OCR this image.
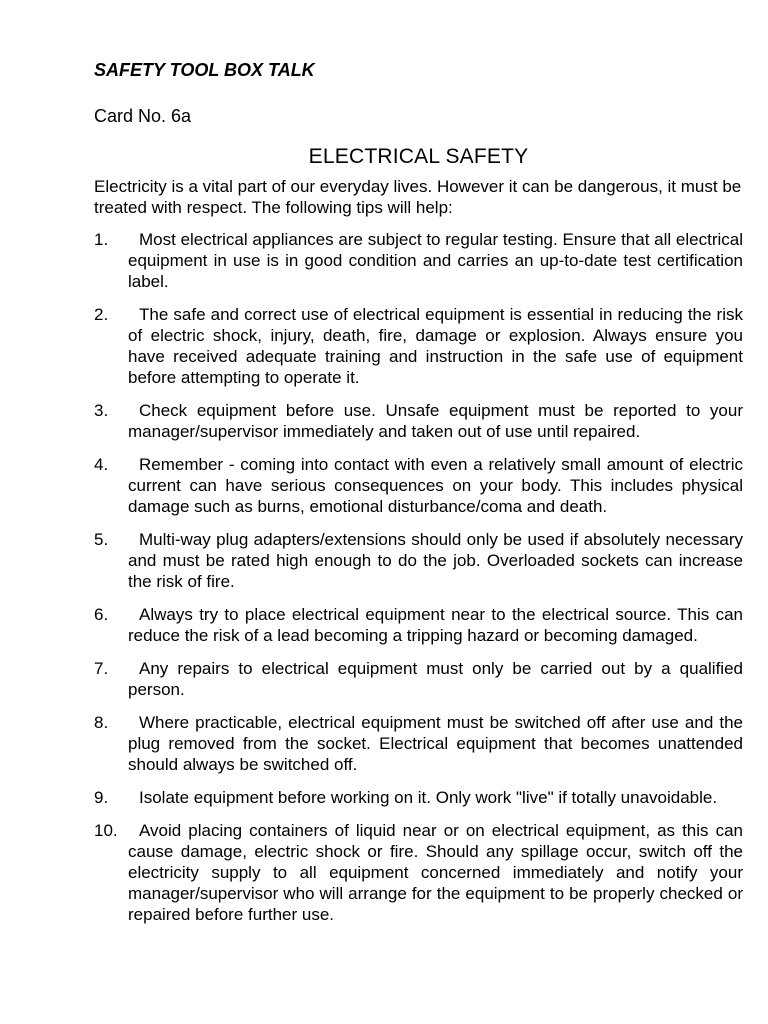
SAFETY TOOL BOX TALK
Card No. 6a
ELECTRICAL SAFETY
Electricity is a vital part of our everyday lives. However it can be dangerous, it must be treated with respect. The following tips will help:
1.	Most electrical appliances are subject to regular testing. Ensure that all electrical equipment in use is in good condition and carries an up-to-date test certification label.
2.	The safe and correct use of electrical equipment is essential in reducing the risk of electric shock, injury, death, fire, damage or explosion. Always ensure you have received adequate training and instruction in the safe use of equipment before attempting to operate it.
3.	Check equipment before use. Unsafe equipment must be reported to your manager/supervisor immediately and taken out of use until repaired.
4.	Remember - coming into contact with even a relatively small amount of electric current can have serious consequences on your body. This includes physical damage such as burns, emotional disturbance/coma and death.
5.	Multi-way plug adapters/extensions should only be used if absolutely necessary and must be rated high enough to do the job. Overloaded sockets can increase the risk of fire.
6.	Always try to place electrical equipment near to the electrical source. This can reduce the risk of a lead becoming a tripping hazard or becoming damaged.
7.	Any repairs to electrical equipment must only be carried out by a qualified person.
8.	Where practicable, electrical equipment must be switched off after use and the plug removed from the socket. Electrical equipment that becomes unattended should always be switched off.
9.	Isolate equipment before working on it. Only work "live" if totally unavoidable.
10.	Avoid placing containers of liquid near or on electrical equipment, as this can cause damage, electric shock or fire. Should any spillage occur, switch off the electricity supply to all equipment concerned immediately and notify your manager/supervisor who will arrange for the equipment to be properly checked or repaired before further use.
